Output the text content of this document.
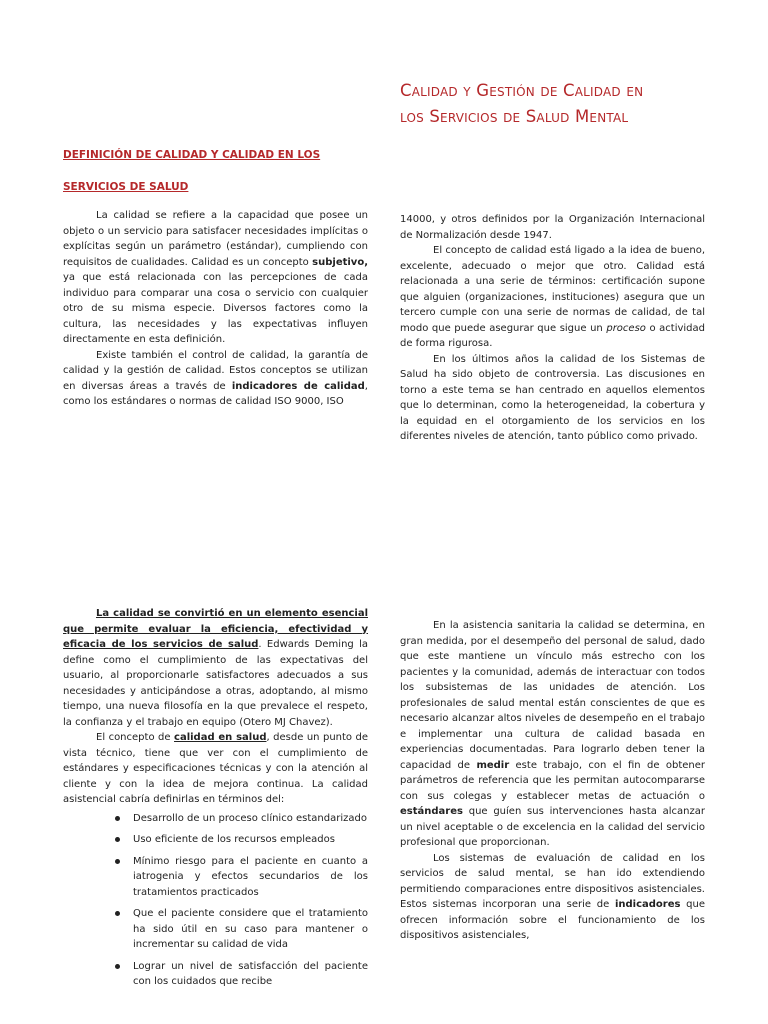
Calidad y Gestión de Calidad en
los Servicios de Salud Mental
DEFINICIÓN DE CALIDAD Y CALIDAD EN LOS
SERVICIOS DE SALUD

La calidad se refiere a la capacidad que posee un objeto o un servicio para satisfacer necesidades implícitas o explícitas según un parámetro (estándar), cumpliendo con requisitos de cualidades. Calidad es un concepto subjetivo, ya que está relacionada con las percepciones de cada individuo para comparar una cosa o servicio con cualquier otro de su misma especie. Diversos factores como la cultura, las necesidades y las expectativas influyen directamente en esta definición.

Existe también el control de calidad, la garantía de calidad y la gestión de calidad. Estos conceptos se utilizan en diversas áreas a través de indicadores de calidad, como los estándares o normas de calidad ISO 9000, ISO

14000, y otros definidos por la Organización Internacional de Normalización desde 1947.

El concepto de calidad está ligado a la idea de bueno, excelente, adecuado o mejor que otro. Calidad está relacionada a una serie de términos: certificación supone que alguien (organizaciones, instituciones) asegura que un tercero cumple con una serie de normas de calidad, de tal modo que puede asegurar que sigue un proceso o actividad de forma rigurosa.

En los últimos años la calidad de los Sistemas de Salud ha sido objeto de controversia. Las discusiones en torno a este tema se han centrado en aquellos elementos que lo determinan, como la heterogeneidad, la cobertura y la equidad en el otorgamiento de los servicios en los diferentes niveles de atención, tanto público como privado.

La calidad se convirtió en un elemento esencial que permite evaluar la eficiencia, efectividad y eficacia de los servicios de salud. Edwards Deming la define como el cumplimiento de las expectativas del usuario, al proporcionarle satisfactores adecuados a sus necesidades y anticipándose a otras, adoptando, al mismo tiempo, una nueva filosofía en la que prevalece el respeto, la confianza y el trabajo en equipo (Otero MJ Chavez).

El concepto de calidad en salud, desde un punto de vista técnico, tiene que ver con el cumplimiento de estándares y especificaciones técnicas y con la atención al cliente y con la idea de mejora continua. La calidad asistencial cabría definirlas en términos del:

Desarrollo de un proceso clínico estandarizado
Uso eficiente de los recursos empleados
Mínimo riesgo para el paciente en cuanto a iatrogenia y efectos secundarios de los tratamientos practicados
Que el paciente considere que el tratamiento ha sido útil en su caso para mantener o incrementar su calidad de vida
Lograr un nivel de satisfacción del paciente con los cuidados que recibe

En la asistencia sanitaria la calidad se determina, en gran medida, por el desempeño del personal de salud, dado que este mantiene un vínculo más estrecho con los pacientes y la comunidad, además de interactuar con todos los subsistemas de las unidades de atención. Los profesionales de salud mental están conscientes de que es necesario alcanzar altos niveles de desempeño en el trabajo e implementar una cultura de calidad basada en experiencias documentadas. Para lograrlo deben tener la capacidad de medir este trabajo, con el fin de obtener parámetros de referencia que les permitan autocompararse con sus colegas y establecer metas de actuación o estándares que guíen sus intervenciones hasta alcanzar un nivel aceptable o de excelencia en la calidad del servicio profesional que proporcionan.

Los sistemas de evaluación de calidad en los servicios de salud mental, se han ido extendiendo permitiendo comparaciones entre dispositivos asistenciales. Estos sistemas incorporan una serie de indicadores que ofrecen información sobre el funcionamiento de los dispositivos asistenciales,
